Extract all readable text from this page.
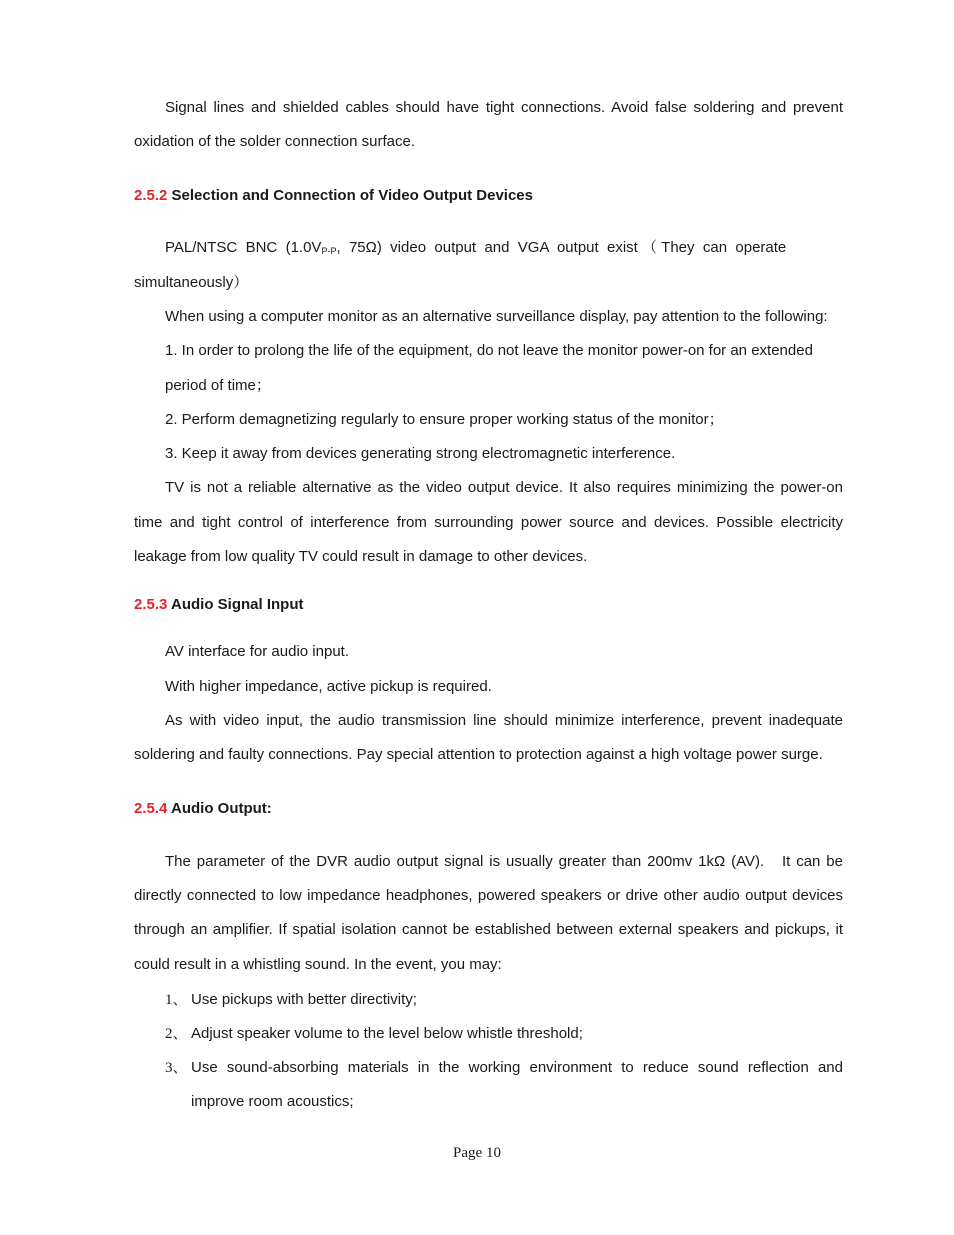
Signal lines and shielded cables should have tight connections. Avoid false soldering and prevent
oxidation of the solder connection surface.
2.5.2 Selection and Connection of Video Output Devices
PAL/NTSC  BNC  ($1.0V_{P-P}$,  75Ω)  video  output  and  VGA  output  exist （ They  can  operate
simultaneously）
When using a computer monitor as an alternative surveillance display, pay attention to the following:
1. In order to prolong the life of the equipment, do not leave the monitor power-on for an extended
period of time；
2. Perform demagnetizing regularly to ensure proper working status of the monitor；
3. Keep it away from devices generating strong electromagnetic interference.
TV is not a reliable alternative as the video output device. It also requires minimizing the power-on
time and tight control of interference from surrounding power source and devices. Possible electricity
leakage from low quality TV could result in damage to other devices.
2.5.3 Audio Signal Input
AV interface for audio input.
With higher impedance, active pickup is required.
As with video input, the audio transmission line should minimize interference, prevent inadequate
soldering and faulty connections. Pay special attention to protection against a high voltage power surge.
2.5.4 Audio Output:
The parameter of the DVR audio output signal is usually greater than 200mv 1kΩ (AV).   It can be
directly connected to low impedance headphones, powered speakers or drive other audio output devices
through an amplifier. If spatial isolation cannot be established between external speakers and pickups, it
could result in a whistling sound. In the event, you may:
1、 Use pickups with better directivity;
2、 Adjust speaker volume to the level below whistle threshold;
3、 Use  sound-absorbing  materials  in  the  working  environment  to  reduce  sound  reflection  and
improve room acoustics;
Page 10
